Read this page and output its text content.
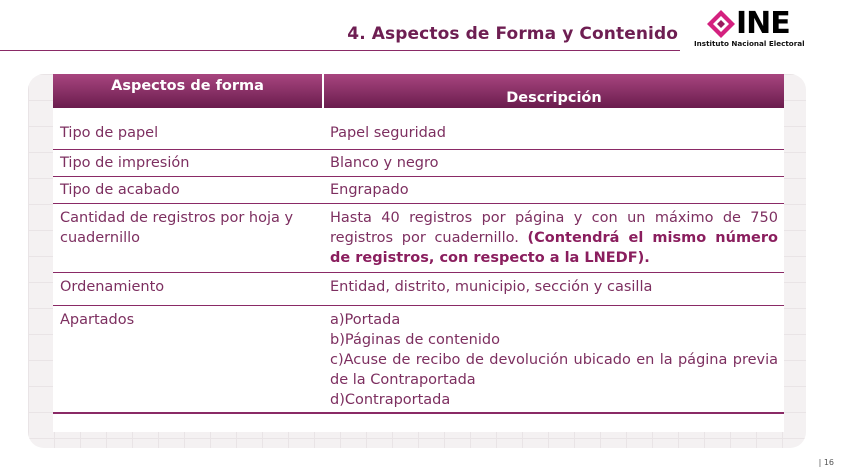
4. Aspectos de Forma y Contenido INE
Instituto Nacional Electoral
Aspectos de forma	Descripción
Tipo de papel	Papel seguridad
Tipo de impresión	Blanco y negro
Tipo de acabado	Engrapado
Cantidad de registros por hoja y cuadernillo	Hasta 40 registros por página y con un máximo de 750 registros por cuadernillo. (Contendrá el mismo número de registros, con respecto a la LNEDF).
Ordenamiento	Entidad, distrito, municipio, sección y casilla
Apartados	a)Portada
b)Páginas de contenido
c)Acuse de recibo de devolución ubicado en la página previa de la Contraportada
d)Contraportada
| 16
